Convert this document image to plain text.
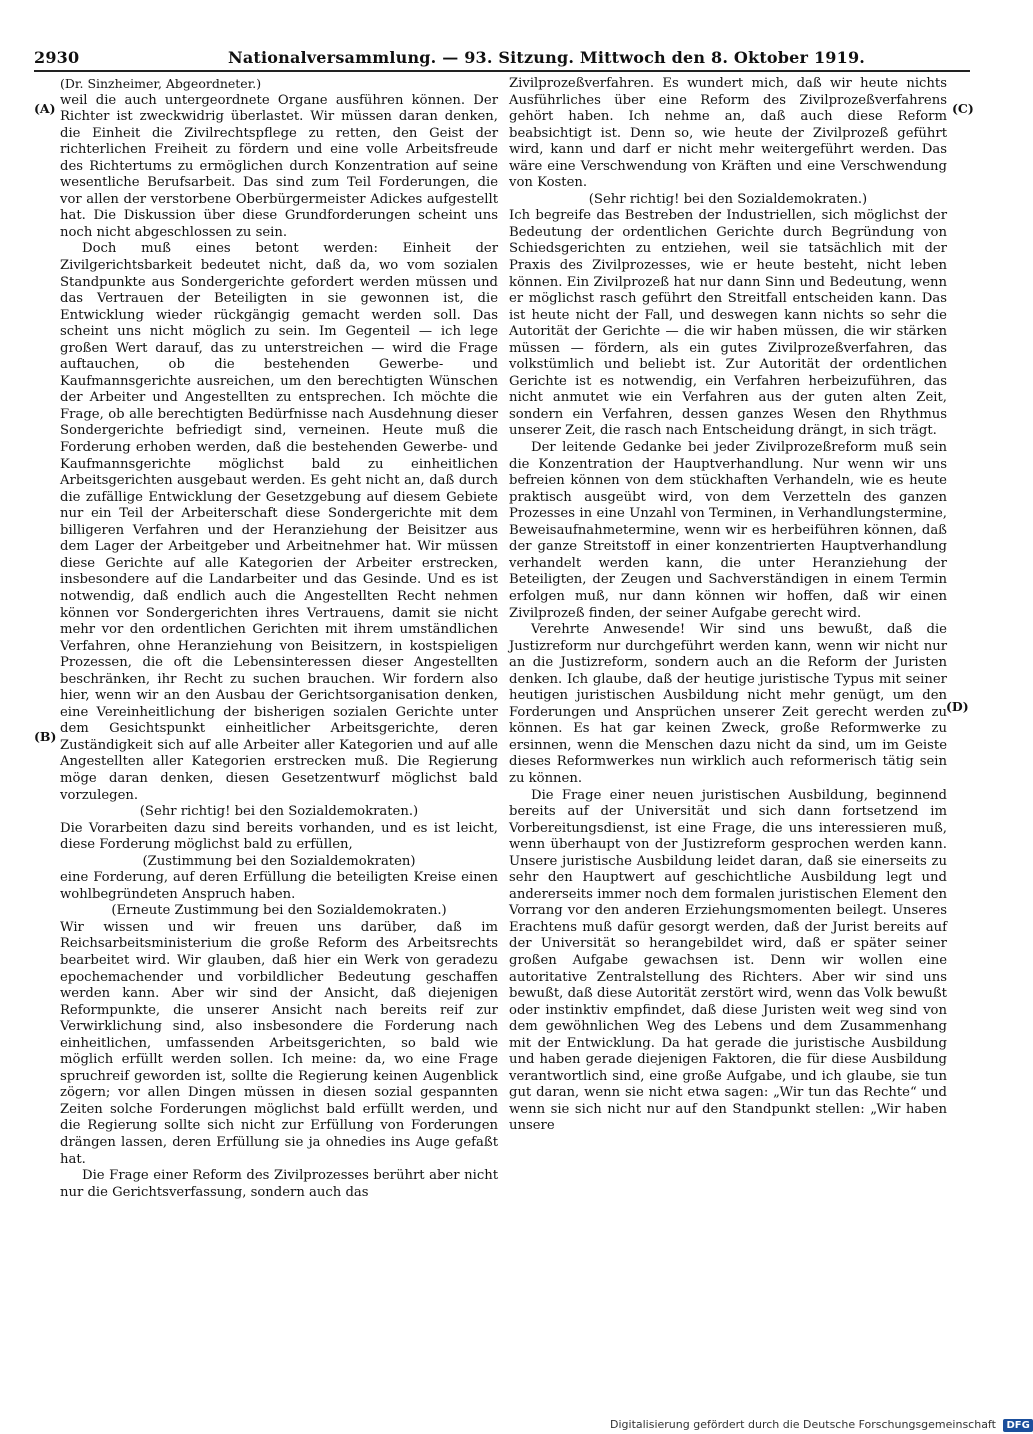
2930	Nationalversammlung. — 93. Sitzung. Mittwoch den 8. Oktober 1919.
(A)
(B)
(C)
(D)

(Dr. Sinzheimer, Abgeordneter.)

weil die auch untergeordnete Organe ausführen können. Der Richter ist zweckwidrig überlastet. Wir müssen daran denken, die Einheit die Zivilrechtspflege zu retten, den Geist der richterlichen Freiheit zu fördern und eine volle Arbeitsfreude des Richtertums zu ermöglichen durch Konzentration auf seine wesentliche Berufsarbeit. Das sind zum Teil Forderungen, die vor allen der verstorbene Oberbürgermeister Adickes aufgestellt hat. Die Diskussion über diese Grundforderungen scheint uns noch nicht abgeschlossen zu sein.

Doch muß eines betont werden: Einheit der Zivilgerichtsbarkeit bedeutet nicht, daß da, wo vom sozialen Standpunkte aus Sondergerichte gefordert werden müssen und das Vertrauen der Beteiligten in sie gewonnen ist, die Entwicklung wieder rückgängig gemacht werden soll. Das scheint uns nicht möglich zu sein. Im Gegenteil — ich lege großen Wert darauf, das zu unterstreichen — wird die Frage auftauchen, ob die bestehenden Gewerbe- und Kaufmannsgerichte ausreichen, um den berechtigten Wünschen der Arbeiter und Angestellten zu entsprechen. Ich möchte die Frage, ob alle berechtigten Bedürfnisse nach Ausdehnung dieser Sondergerichte befriedigt sind, verneinen. Heute muß die Forderung erhoben werden, daß die bestehenden Gewerbe- und Kaufmannsgerichte möglichst bald zu einheitlichen Arbeitsgerichten ausgebaut werden. Es geht nicht an, daß durch die zufällige Entwicklung der Gesetzgebung auf diesem Gebiete nur ein Teil der Arbeiterschaft diese Sondergerichte mit dem billigeren Verfahren und der Heranziehung der Beisitzer aus dem Lager der Arbeitgeber und Arbeitnehmer hat. Wir müssen diese Gerichte auf alle Kategorien der Arbeiter erstrecken, insbesondere auf die Landarbeiter und das Gesinde. Und es ist notwendig, daß endlich auch die Angestellten Recht nehmen können vor Sondergerichten ihres Vertrauens, damit sie nicht mehr vor den ordentlichen Gerichten mit ihrem umständlichen Verfahren, ohne Heranziehung von Beisitzern, in kostspieligen Prozessen, die oft die Lebensinteressen dieser Angestellten beschränken, ihr Recht zu suchen brauchen. Wir fordern also hier, wenn wir an den Ausbau der Gerichtsorganisation denken, eine Vereinheitlichung der bisherigen sozialen Gerichte unter dem Gesichtspunkt einheitlicher Arbeitsgerichte, deren Zuständigkeit sich auf alle Arbeiter aller Kategorien und auf alle Angestellten aller Kategorien erstrecken muß. Die Regierung möge daran denken, diesen Gesetzentwurf möglichst bald vorzulegen.

(Sehr richtig! bei den Sozialdemokraten.)

Die Vorarbeiten dazu sind bereits vorhanden, und es ist leicht, diese Forderung möglichst bald zu erfüllen,

(Zustimmung bei den Sozialdemokraten)

eine Forderung, auf deren Erfüllung die beteiligten Kreise einen wohlbegründeten Anspruch haben.

(Erneute Zustimmung bei den Sozialdemokraten.)

Wir wissen und wir freuen uns darüber, daß im Reichsarbeitsministerium die große Reform des Arbeitsrechts bearbeitet wird. Wir glauben, daß hier ein Werk von geradezu epochemachender und vorbildlicher Bedeutung geschaffen werden kann. Aber wir sind der Ansicht, daß diejenigen Reformpunkte, die unserer Ansicht nach bereits reif zur Verwirklichung sind, also insbesondere die Forderung nach einheitlichen, umfassenden Arbeitsgerichten, so bald wie möglich erfüllt werden sollen. Ich meine: da, wo eine Frage spruchreif geworden ist, sollte die Regierung keinen Augenblick zögern; vor allen Dingen müssen in diesen sozial gespannten Zeiten solche Forderungen möglichst bald erfüllt werden, und die Regierung sollte sich nicht zur Erfüllung von Forderungen drängen lassen, deren Erfüllung sie ja ohnedies ins Auge gefaßt hat.

Die Frage einer Reform des Zivilprozesses berührt aber nicht nur die Gerichtsverfassung, sondern auch das

Zivilprozeßverfahren. Es wundert mich, daß wir heute nichts Ausführliches über eine Reform des Zivilprozeßverfahrens gehört haben. Ich nehme an, daß auch diese Reform beabsichtigt ist. Denn so, wie heute der Zivilprozeß geführt wird, kann und darf er nicht mehr weitergeführt werden. Das wäre eine Verschwendung von Kräften und eine Verschwendung von Kosten.

(Sehr richtig! bei den Sozialdemokraten.)

Ich begreife das Bestreben der Industriellen, sich möglichst der Bedeutung der ordentlichen Gerichte durch Begründung von Schiedsgerichten zu entziehen, weil sie tatsächlich mit der Praxis des Zivilprozesses, wie er heute besteht, nicht leben können. Ein Zivilprozeß hat nur dann Sinn und Bedeutung, wenn er möglichst rasch geführt den Streitfall entscheiden kann. Das ist heute nicht der Fall, und deswegen kann nichts so sehr die Autorität der Gerichte — die wir haben müssen, die wir stärken müssen — fördern, als ein gutes Zivilprozeßverfahren, das volkstümlich und beliebt ist. Zur Autorität der ordentlichen Gerichte ist es notwendig, ein Verfahren herbeizuführen, das nicht anmutet wie ein Verfahren aus der guten alten Zeit, sondern ein Verfahren, dessen ganzes Wesen den Rhythmus unserer Zeit, die rasch nach Entscheidung drängt, in sich trägt.

Der leitende Gedanke bei jeder Zivilprozeßreform muß sein die Konzentration der Hauptverhandlung. Nur wenn wir uns befreien können von dem stückhaften Verhandeln, wie es heute praktisch ausgeübt wird, von dem Verzetteln des ganzen Prozesses in eine Unzahl von Terminen, in Verhandlungstermine, Beweisaufnahmetermine, wenn wir es herbeiführen können, daß der ganze Streitstoff in einer konzentrierten Hauptverhandlung verhandelt werden kann, die unter Heranziehung der Beteiligten, der Zeugen und Sachverständigen in einem Termin erfolgen muß, nur dann können wir hoffen, daß wir einen Zivilprozeß finden, der seiner Aufgabe gerecht wird.

Verehrte Anwesende! Wir sind uns bewußt, daß die Justizreform nur durchgeführt werden kann, wenn wir nicht nur an die Justizreform, sondern auch an die Reform der Juristen denken. Ich glaube, daß der heutige juristische Typus mit seiner heutigen juristischen Ausbildung nicht mehr genügt, um den Forderungen und Ansprüchen unserer Zeit gerecht werden zu können. Es hat gar keinen Zweck, große Reformwerke zu ersinnen, wenn die Menschen dazu nicht da sind, um im Geiste dieses Reformwerkes nun wirklich auch reformerisch tätig sein zu können.

Die Frage einer neuen juristischen Ausbildung, beginnend bereits auf der Universität und sich dann fortsetzend im Vorbereitungsdienst, ist eine Frage, die uns interessieren muß, wenn überhaupt von der Justizreform gesprochen werden kann. Unsere juristische Ausbildung leidet daran, daß sie einerseits zu sehr den Hauptwert auf geschichtliche Ausbildung legt und andererseits immer noch dem formalen juristischen Element den Vorrang vor den anderen Erziehungsmomenten beilegt. Unseres Erachtens muß dafür gesorgt werden, daß der Jurist bereits auf der Universität so herangebildet wird, daß er später seiner großen Aufgabe gewachsen ist. Denn wir wollen eine autoritative Zentralstellung des Richters. Aber wir sind uns bewußt, daß diese Autorität zerstört wird, wenn das Volk bewußt oder instinktiv empfindet, daß diese Juristen weit weg sind von dem gewöhnlichen Weg des Lebens und dem Zusammenhang mit der Entwicklung. Da hat gerade die juristische Ausbildung und haben gerade diejenigen Faktoren, die für diese Ausbildung verantwortlich sind, eine große Aufgabe, und ich glaube, sie tun gut daran, wenn sie nicht etwa sagen: „Wir tun das Rechte“ und wenn sie sich nicht nur auf den Standpunkt stellen: „Wir haben unsere

Digitalisierung gefördert durch die Deutsche Forschungsgemeinschaft DFG
